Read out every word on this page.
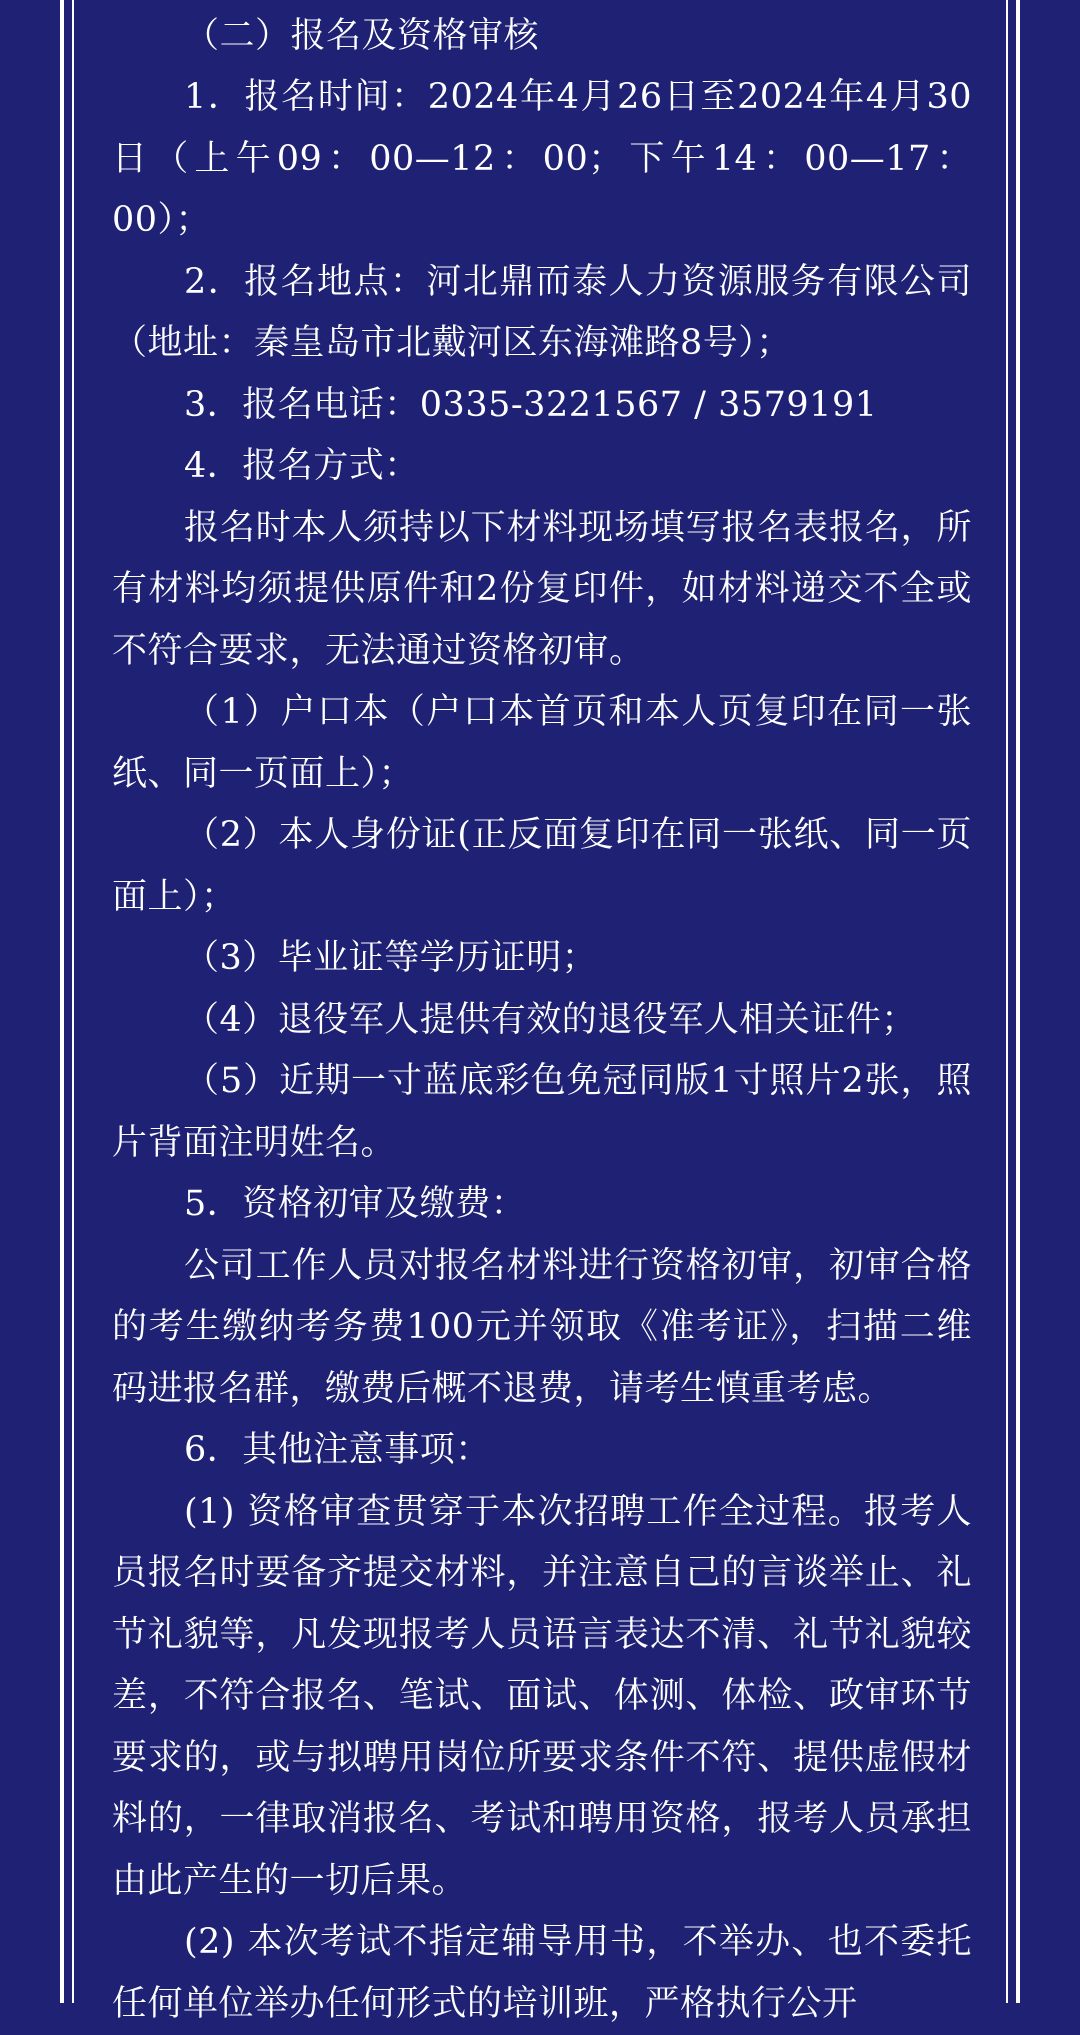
（二）报名及资格审核

1．报名时间：2024年4月26日至2024年4月30日（上午09：00—12：00；下午14：00—17：00）；

2．报名地点：河北鼎而泰人力资源服务有限公司（地址：秦皇岛市北戴河区东海滩路8号）；

3．报名电话：0335-3221567 / 3579191

4．报名方式：

报名时本人须持以下材料现场填写报名表报名，所有材料均须提供原件和2份复印件，如材料递交不全或不符合要求，无法通过资格初审。

（1）户口本（户口本首页和本人页复印在同一张纸、同一页面上）；

（2）本人身份证(正反面复印在同一张纸、同一页面上）；

（3）毕业证等学历证明；

（4）退役军人提供有效的退役军人相关证件；

（5）近期一寸蓝底彩色免冠同版1寸照片2张，照片背面注明姓名。

5．资格初审及缴费：

公司工作人员对报名材料进行资格初审，初审合格的考生缴纳考务费100元并领取《准考证》，扫描二维码进报名群，缴费后概不退费，请考生慎重考虑。

6．其他注意事项：

(1) 资格审查贯穿于本次招聘工作全过程。报考人员报名时要备齐提交材料，并注意自己的言谈举止、礼节礼貌等，凡发现报考人员语言表达不清、礼节礼貌较差，不符合报名、笔试、面试、体测、体检、政审环节要求的，或与拟聘用岗位所要求条件不符、提供虚假材料的，一律取消报名、考试和聘用资格，报考人员承担由此产生的一切后果。

(2) 本次考试不指定辅导用书，不举办、也不委托任何单位举办任何形式的培训班，严格执行公开
